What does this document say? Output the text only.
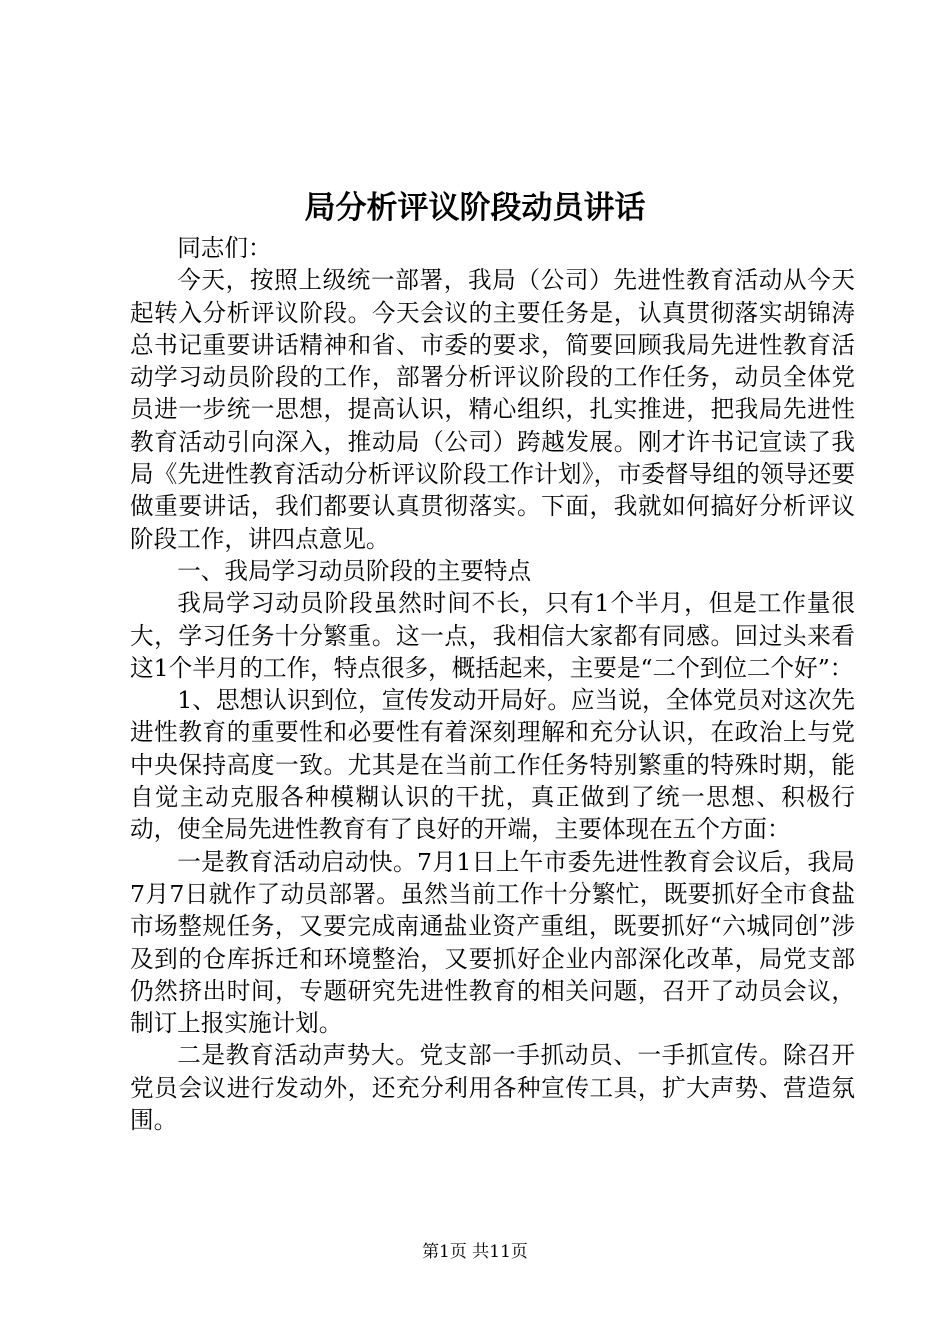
局分析评议阶段动员讲话

同志们：

今天，按照上级统一部署，我局（公司）先进性教育活动从今天起转入分析评议阶段。今天会议的主要任务是，认真贯彻落实胡锦涛总书记重要讲话精神和省、市委的要求，简要回顾我局先进性教育活动学习动员阶段的工作，部署分析评议阶段的工作任务，动员全体党员进一步统一思想，提高认识，精心组织，扎实推进，把我局先进性教育活动引向深入，推动局（公司）跨越发展。刚才许书记宣读了我局《先进性教育活动分析评议阶段工作计划》，市委督导组的领导还要做重要讲话，我们都要认真贯彻落实。下面，我就如何搞好分析评议阶段工作，讲四点意见。

一、我局学习动员阶段的主要特点

我局学习动员阶段虽然时间不长，只有1个半月，但是工作量很大，学习任务十分繁重。这一点，我相信大家都有同感。回过头来看这1个半月的工作，特点很多，概括起来，主要是“二个到位二个好”：

1、思想认识到位，宣传发动开局好。应当说，全体党员对这次先进性教育的重要性和必要性有着深刻理解和充分认识，在政治上与党中央保持高度一致。尤其是在当前工作任务特别繁重的特殊时期，能自觉主动克服各种模糊认识的干扰，真正做到了统一思想、积极行动，使全局先进性教育有了良好的开端，主要体现在五个方面：

一是教育活动启动快。7月1日上午市委先进性教育会议后，我局7月7日就作了动员部署。虽然当前工作十分繁忙，既要抓好全市食盐市场整规任务，又要完成南通盐业资产重组，既要抓好“六城同创”涉及到的仓库拆迁和环境整治，又要抓好企业内部深化改革，局党支部仍然挤出时间，专题研究先进性教育的相关问题，召开了动员会议，制订上报实施计划。

二是教育活动声势大。党支部一手抓动员、一手抓宣传。除召开党员会议进行发动外，还充分利用各种宣传工具，扩大声势、营造氛围。

第1页 共11页
